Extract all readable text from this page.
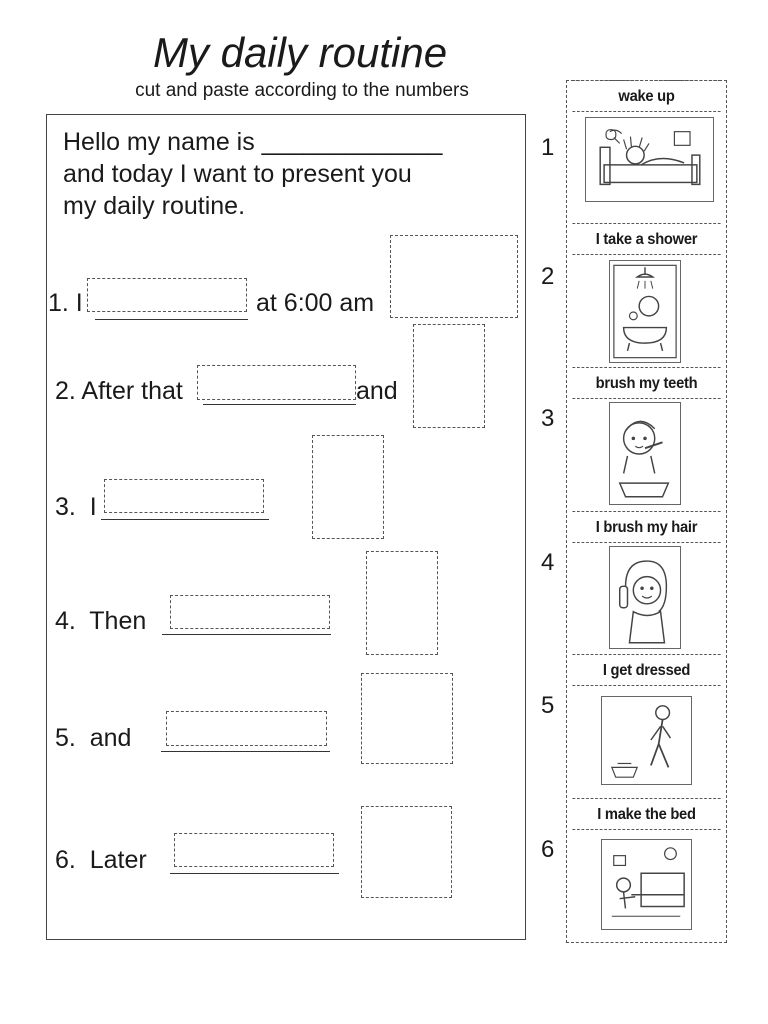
My daily routine
cut and paste according to the numbers
Hello my name is _____________
and today I want to present you
my daily routine.
1. I	at 6:00 am
2. After that	and
3.  I
4.  Then
5.  and
6.  Later
wake up
1
I take a shower
2
brush my teeth
3
I brush my hair
4
I get dressed
5
I make the bed
6
